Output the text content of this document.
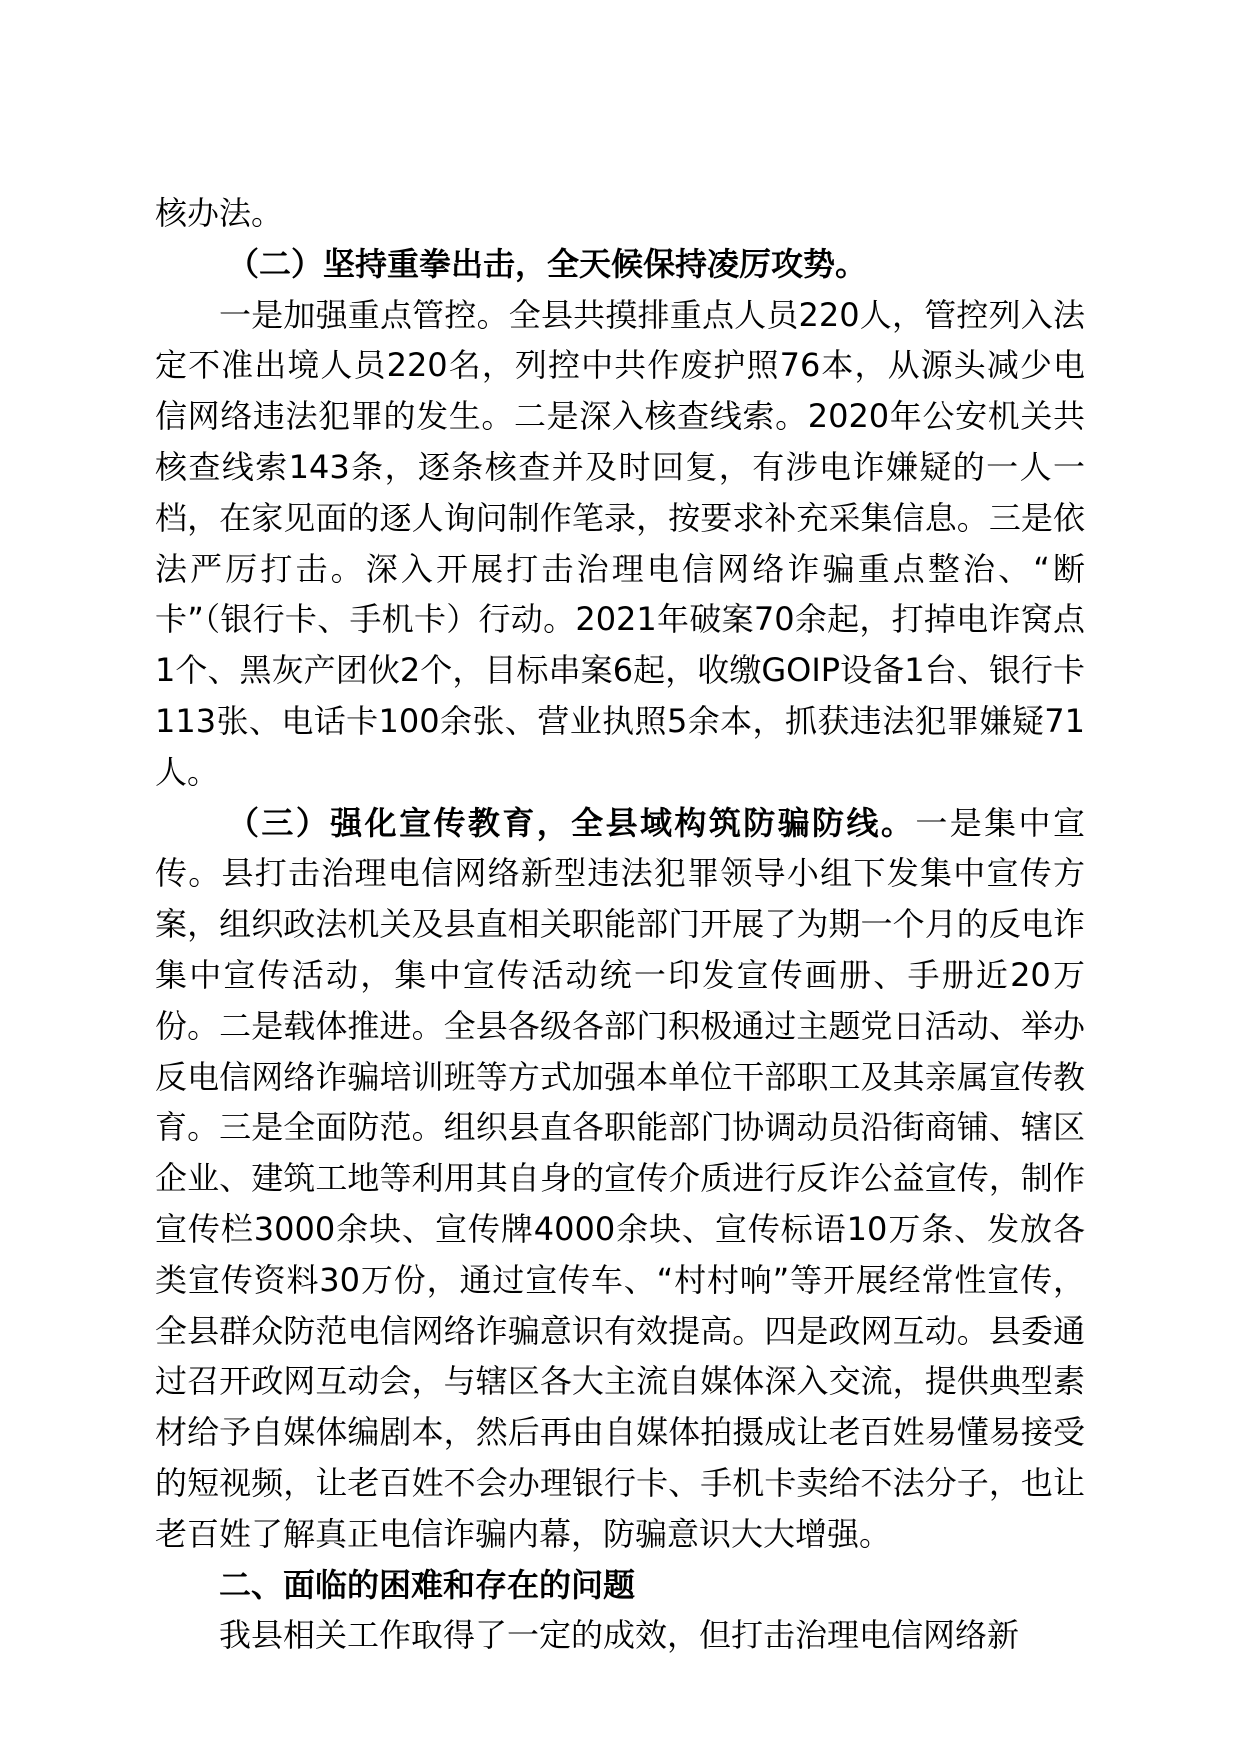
核办法。

（二）坚持重拳出击，全天候保持凌厉攻势。

一是加强重点管控。全县共摸排重点人员220人，管控列入法定不准出境人员220名，列控中共作废护照76本，从源头减少电信网络违法犯罪的发生。二是深入核查线索。2020年公安机关共核查线索143条，逐条核查并及时回复，有涉电诈嫌疑的一人一档，在家见面的逐人询问制作笔录，按要求补充采集信息。三是依法严厉打击。深入开展打击治理电信网络诈骗重点整治、“断卡”（银行卡、手机卡）行动。2021年破案70余起，打掉电诈窝点1个、黑灰产团伙2个，目标串案6起，收缴GOIP设备1台、银行卡113张、电话卡100余张、营业执照5余本，抓获违法犯罪嫌疑71人。

（三）强化宣传教育，全县域构筑防骗防线。一是集中宣传。县打击治理电信网络新型违法犯罪领导小组下发集中宣传方案，组织政法机关及县直相关职能部门开展了为期一个月的反电诈集中宣传活动，集中宣传活动统一印发宣传画册、手册近20万份。二是载体推进。全县各级各部门积极通过主题党日活动、举办反电信网络诈骗培训班等方式加强本单位干部职工及其亲属宣传教育。三是全面防范。组织县直各职能部门协调动员沿街商铺、辖区企业、建筑工地等利用其自身的宣传介质进行反诈公益宣传，制作宣传栏3000余块、宣传牌4000余块、宣传标语10万条、发放各类宣传资料30万份，通过宣传车、“村村响”等开展经常性宣传，全县群众防范电信网络诈骗意识有效提高。四是政网互动。县委通过召开政网互动会，与辖区各大主流自媒体深入交流，提供典型素材给予自媒体编剧本，然后再由自媒体拍摄成让老百姓易懂易接受的短视频，让老百姓不会办理银行卡、手机卡卖给不法分子，也让老百姓了解真正电信诈骗内幕，防骗意识大大增强。

二、面临的困难和存在的问题

我县相关工作取得了一定的成效，但打击治理电信网络新
